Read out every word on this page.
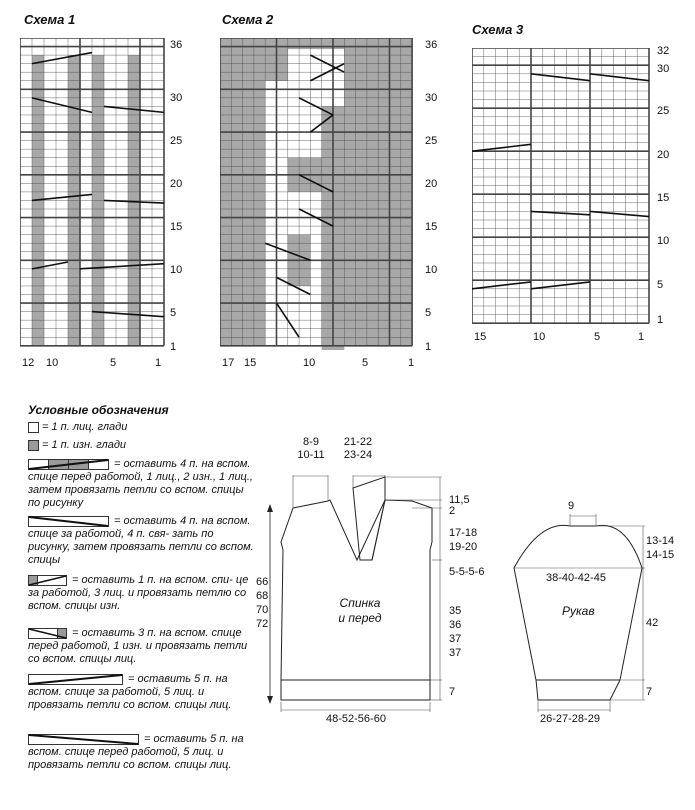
Схема 1
36
30
25
20
15
10
5
1
12 10	5	1
Схема 2
36
30
25
20
15
10
5
1
17 15	10	5	1
Схема 3
32
30
25
20
15
10
5
1
15	10	5	1
Условные обозначения
= 1 п. лиц. глади
= 1 п. изн. глади
= оставить 4 п. на вспом. спице перед работой, 1 лиц., 2 изн., 1 лиц., затем провязать петли со вспом. спицы по рисунку
= оставить 4 п. на вспом. спице за работой, 4 п. свя- зать по рисунку, затем провязать петли со вспом. спицы
= оставить 1 п. на вспом. спи- це за работой, 3 лиц. и провязать петлю со вспом. спицы изн.
= оставить 3 п. на вспом. спице перед работой, 1 изн. и провязать петли со вспом. спицы лиц.
= оставить 5 п. на вспом. спице за работой, 5 лиц. и провязать петли со вспом. спицы лиц.
= оставить 5 п. на вспом. спице перед работой, 5 лиц. и провязать петли со вспом. спицы лиц.
8-9
10-11
21-22
23-24
11,5
2
17-18
19-20
5-5-5-6
35
36
37
37
7
66
68
70
72
Спинка
и перед
48-52-56-60
9
13-14
14-15
38-40-42-45
Рукав
42
7
26-27-28-29
